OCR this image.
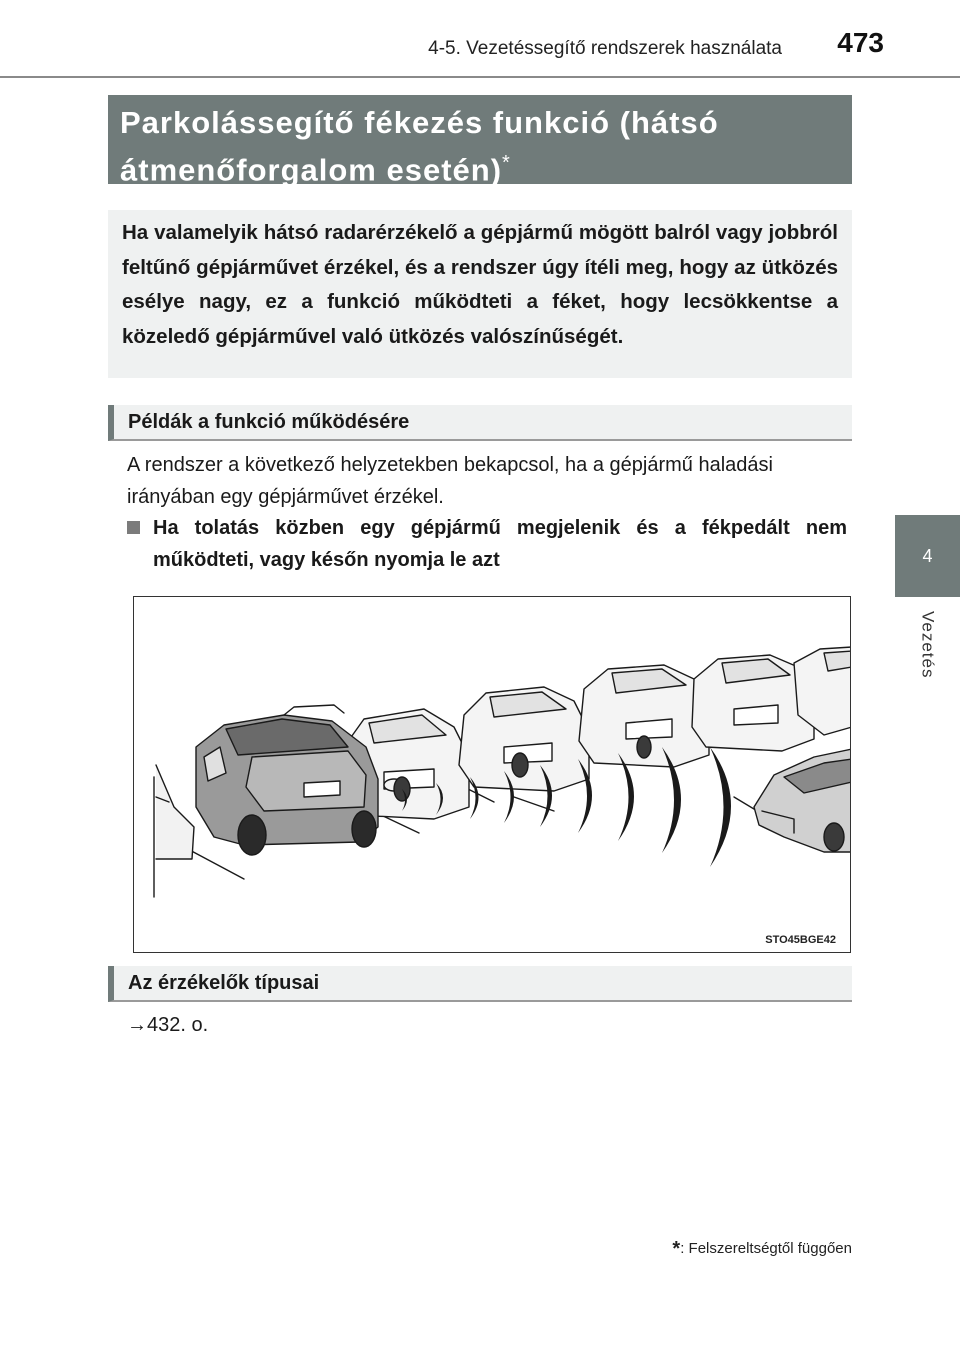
4-5. Vezetéssegítő rendszerek használata 473
4
Vezetés
Parkolássegítő fékezés funkció (hátsó
átmenőforgalom esetén)*

Ha valamelyik hátsó radarérzékelő a gépjármű mögött balról vagy jobbról feltűnő gépjárművet érzékel, és a rendszer úgy ítéli meg, hogy az ütközés esélye nagy, ez a funkció működteti a féket, hogy lecsökkentse a közeledő gépjárművel való ütközés valószínűségét.

Példák a funkció működésére
A rendszer a következő helyzetekben bekapcsol, ha a gépjármű haladási irányában egy gépjárművet érzékel.
Ha tolatás közben egy gépjármű megjelenik és a fékpedált nem működteti, vagy későn nyomja le azt
STO45BGE42
Az érzékelők típusai
→432. o.
*: Felszereltségtől függően
